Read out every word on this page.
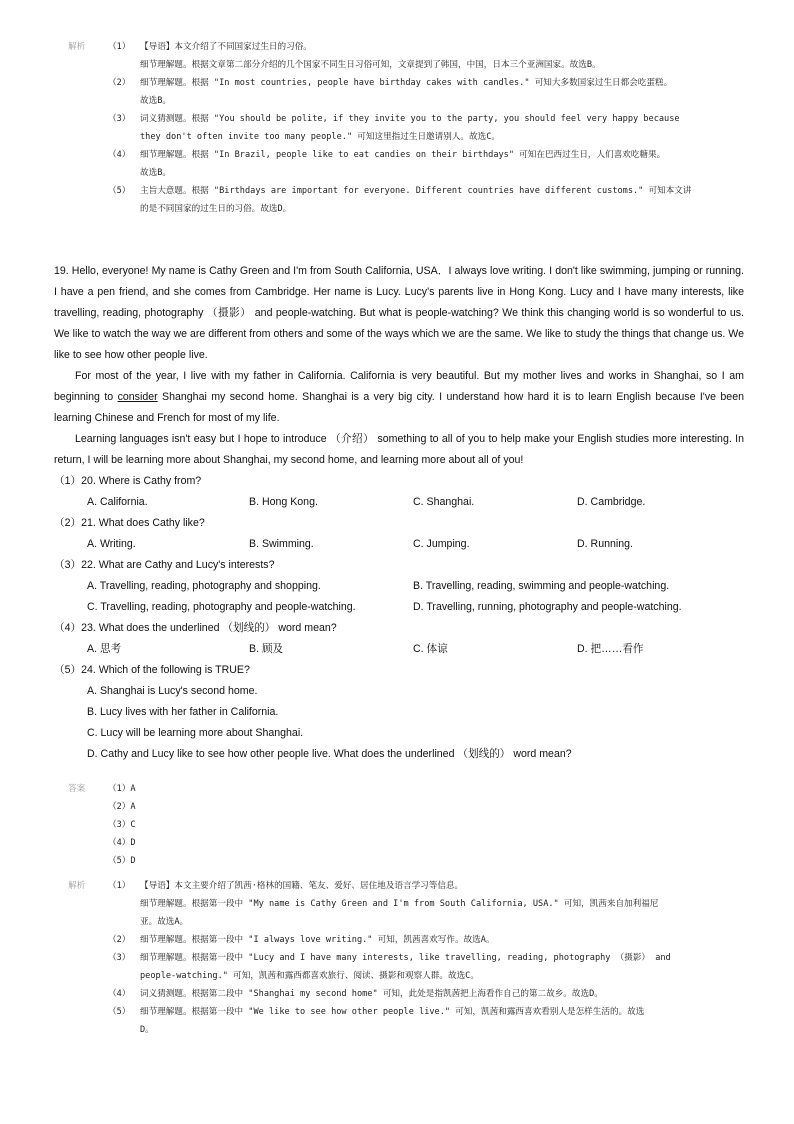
解析	（1） 【导语】本文介绍了不同国家过生日的习俗。
细节理解题。根据文章第二部分介绍的几个国家不同生日习俗可知，文章提到了韩国，中国，日本三个亚洲国家。故选B。
（2） 细节理解题。根据 "In most countries, people have birthday cakes with candles." 可知大多数国家过生日都会吃蛋糕。
故选B。
（3） 词义猜测题。根据 "You should be polite, if they invite you to the party, you should feel very happy because
they don't often invite too many people." 可知这里指过生日邀请别人。故选C。
（4） 细节理解题。根据 "In Brazil, people like to eat candies on their birthdays" 可知在巴西过生日，人们喜欢吃糖果。
故选B。
（5） 主旨大意题。根据 "Birthdays are important for everyone. Different countries have different customs." 可知本文讲
的是不同国家的过生日的习俗。故选D。

19. Hello, everyone! My name is Cathy Green and I'm from South California, USA．I always love writing. I don't like swimming, jumping or running. I have a pen friend, and she comes from Cambridge. Her name is Lucy. Lucy's parents live in Hong Kong. Lucy and I have many interests, like travelling, reading, photography （摄影） and people-watching. But what is people-watching? We think this changing world is so wonderful to us. We like to watch the way we are different from others and some of the ways which we are the same. We like to study the things that change us. We like to see how other people live.

For most of the year, I live with my father in California. California is very beautiful. But my mother lives and works in Shanghai, so I am beginning to consider Shanghai my second home. Shanghai is a very big city. I understand how hard it is to learn English because I've been learning Chinese and French for most of my life.

Learning languages isn't easy but I hope to introduce （介绍） something to all of you to help make your English studies more interesting. In return, I will be learning more about Shanghai, my second home, and learning more about all of you!

（1）20. Where is Cathy from?
A. California.	B. Hong Kong.	C. Shanghai.	D. Cambridge.
（2）21. What does Cathy like?
A. Writing.	B. Swimming.	C. Jumping.	D. Running.
（3）22. What are Cathy and Lucy's interests?
A. Travelling, reading, photography and shopping.	B. Travelling, reading, swimming and people-watching.
C. Travelling, reading, photography and people-watching.	D. Travelling, running, photography and people-watching.
（4）23. What does the underlined （划线的） word mean?
A. 思考	B. 顾及	C. 体谅	D. 把……看作
（5）24. Which of the following is TRUE?
A. Shanghai is Lucy's second home.
B. Lucy lives with her father in California.
C. Lucy will be learning more about Shanghai.
D. Cathy and Lucy like to see how other people live. What does the underlined （划线的） word mean?
答案	（1）A
（2）A
（3）C
（4）D
（5）D
解析	（1） 【导语】本文主要介绍了凯茜·格林的国籍、笔友、爱好、居住地及语言学习等信息。
细节理解题。根据第一段中 "My name is Cathy Green and I'm from South California, USA." 可知，凯茜来自加利福尼
亚。故选A。
（2） 细节理解题。根据第一段中 "I always love writing." 可知，凯茜喜欢写作。故选A。
（3） 细节理解题。根据第一段中 "Lucy and I have many interests, like travelling, reading, photography （摄影） and
people-watching." 可知，凯茜和露西都喜欢旅行、阅读、摄影和观察人群。故选C。
（4） 词义猜测题。根据第二段中 "Shanghai my second home" 可知，此处是指凯茜把上海看作自己的第二故乡。故选D。
（5） 细节理解题。根据第一段中 "We like to see how other people live." 可知，凯茜和露西喜欢看别人是怎样生活的。故选
D。
